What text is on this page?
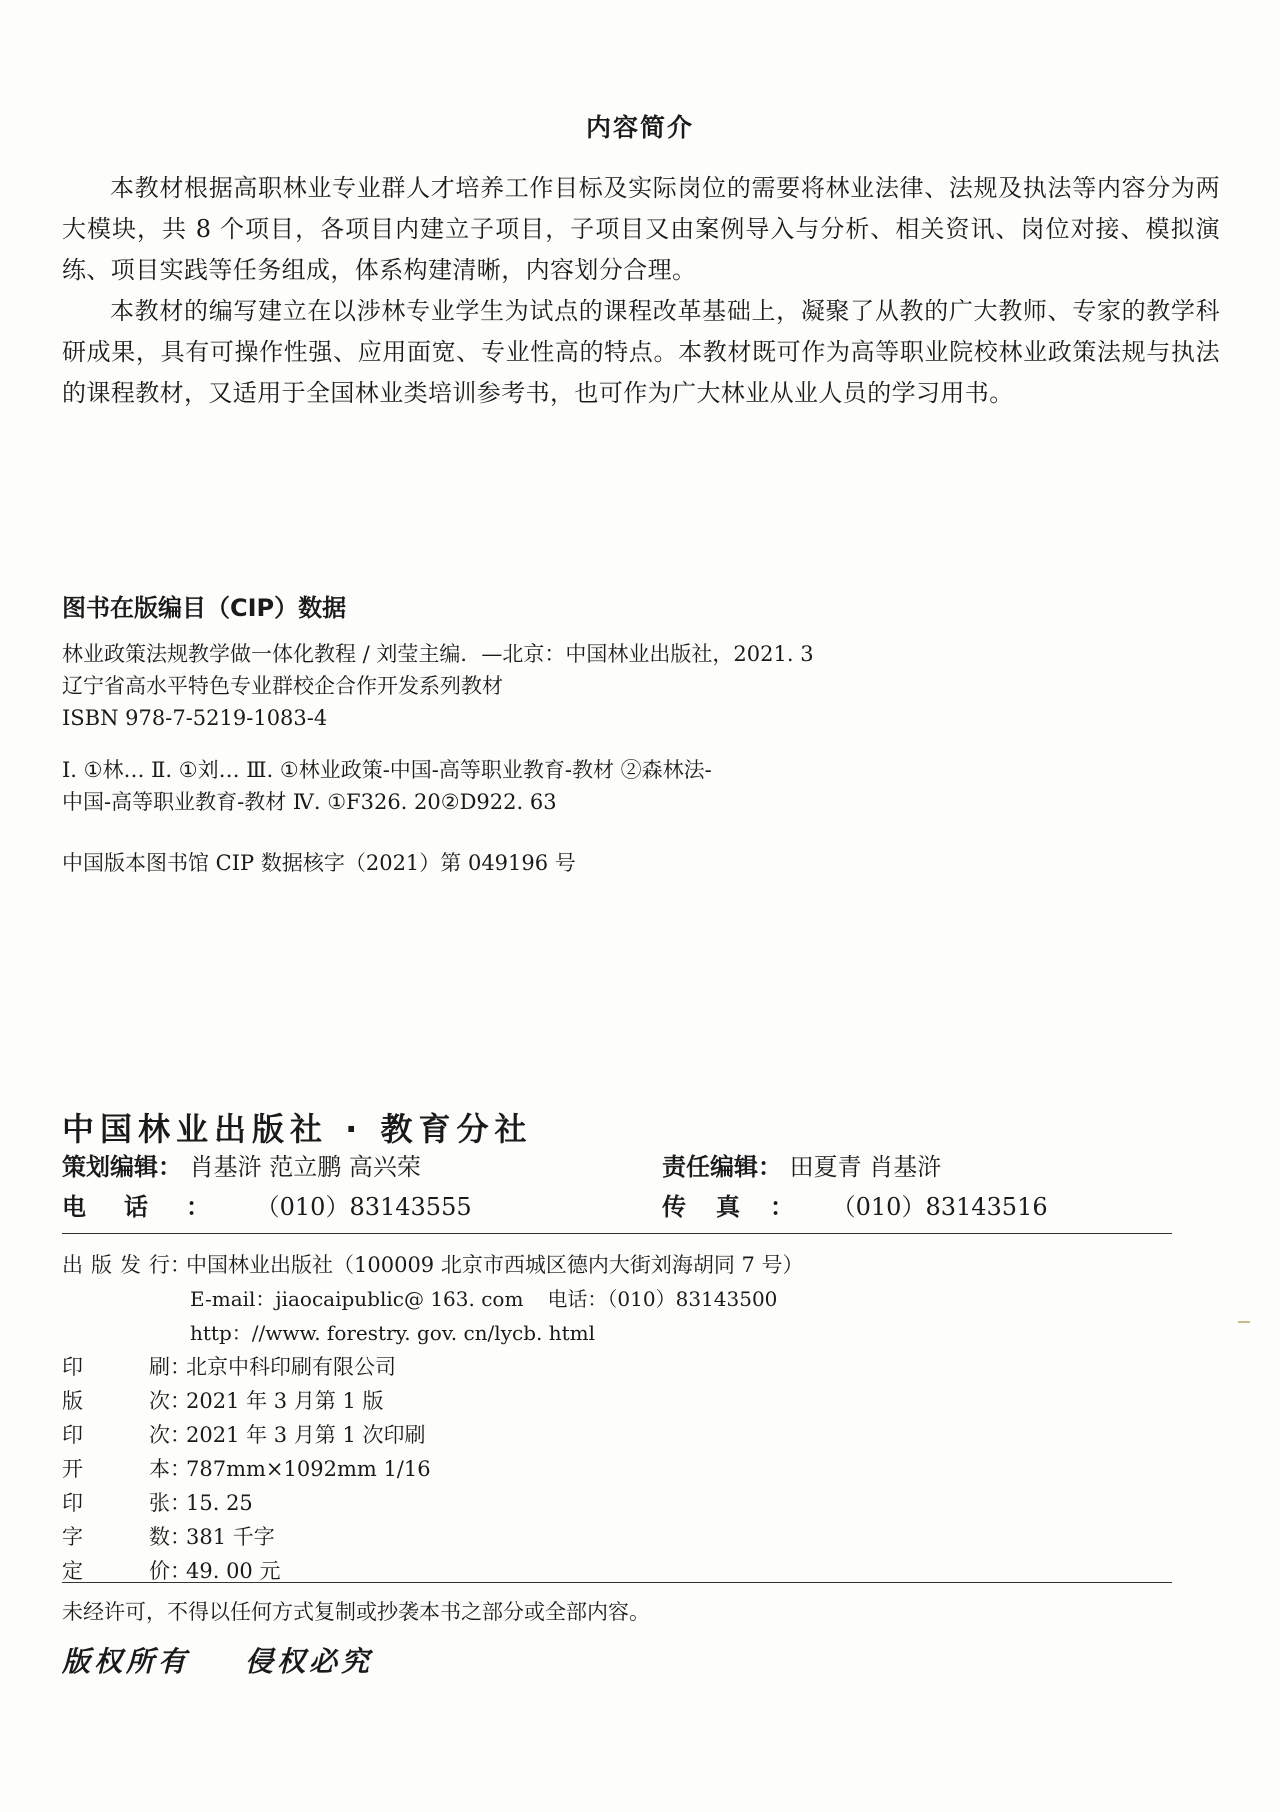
内容简介

本教材根据高职林业专业群人才培养工作目标及实际岗位的需要将林业法律、法规及执法等内容分为两大模块，共 8 个项目，各项目内建立子项目，子项目又由案例导入与分析、相关资讯、岗位对接、模拟演练、项目实践等任务组成，体系构建清晰，内容划分合理。

本教材的编写建立在以涉林专业学生为试点的课程改革基础上，凝聚了从教的广大教师、专家的教学科研成果，具有可操作性强、应用面宽、专业性高的特点。本教材既可作为高等职业院校林业政策法规与执法的课程教材，又适用于全国林业类培训参考书，也可作为广大林业从业人员的学习用书。

图书在版编目（CIP）数据
林业政策法规教学做一体化教程 / 刘莹主编．—北京：中国林业出版社，2021. 3
辽宁省高水平特色专业群校企合作开发系列教材
ISBN 978-7-5219-1083-4
Ⅰ. ①林… Ⅱ. ①刘… Ⅲ. ①林业政策-中国-高等职业教育-教材 ②森林法-
中国-高等职业教育-教材 Ⅳ. ①F326. 20②D922. 63
中国版本图书馆 CIP 数据核字（2021）第 049196 号
中国林业出版社 · 教育分社
策划编辑： 肖基浒 范立鹏 高兴荣	责任编辑： 田夏青 肖基浒
电话： （010）83143555	传真： （010）83143516
出 版 发 行 ：
中国林业出版社（100009 北京市西城区德内大街刘海胡同 7 号）
E-mail：jiaocaipublic@ 163. com 电话：（010）83143500
http：//www. forestry. gov. cn/lycb. html
印	刷 ：
北京中科印刷有限公司
版	次 ：
2021 年 3 月第 1 版
印	次 ：
2021 年 3 月第 1 次印刷
开	本 ：
787mm×1092mm 1/16
印	张 ：
15. 25
字	数 ：
381 千字
定	价 ：
49. 00 元
未经许可，不得以任何方式复制或抄袭本书之部分或全部内容。
版权所有    侵权必究
